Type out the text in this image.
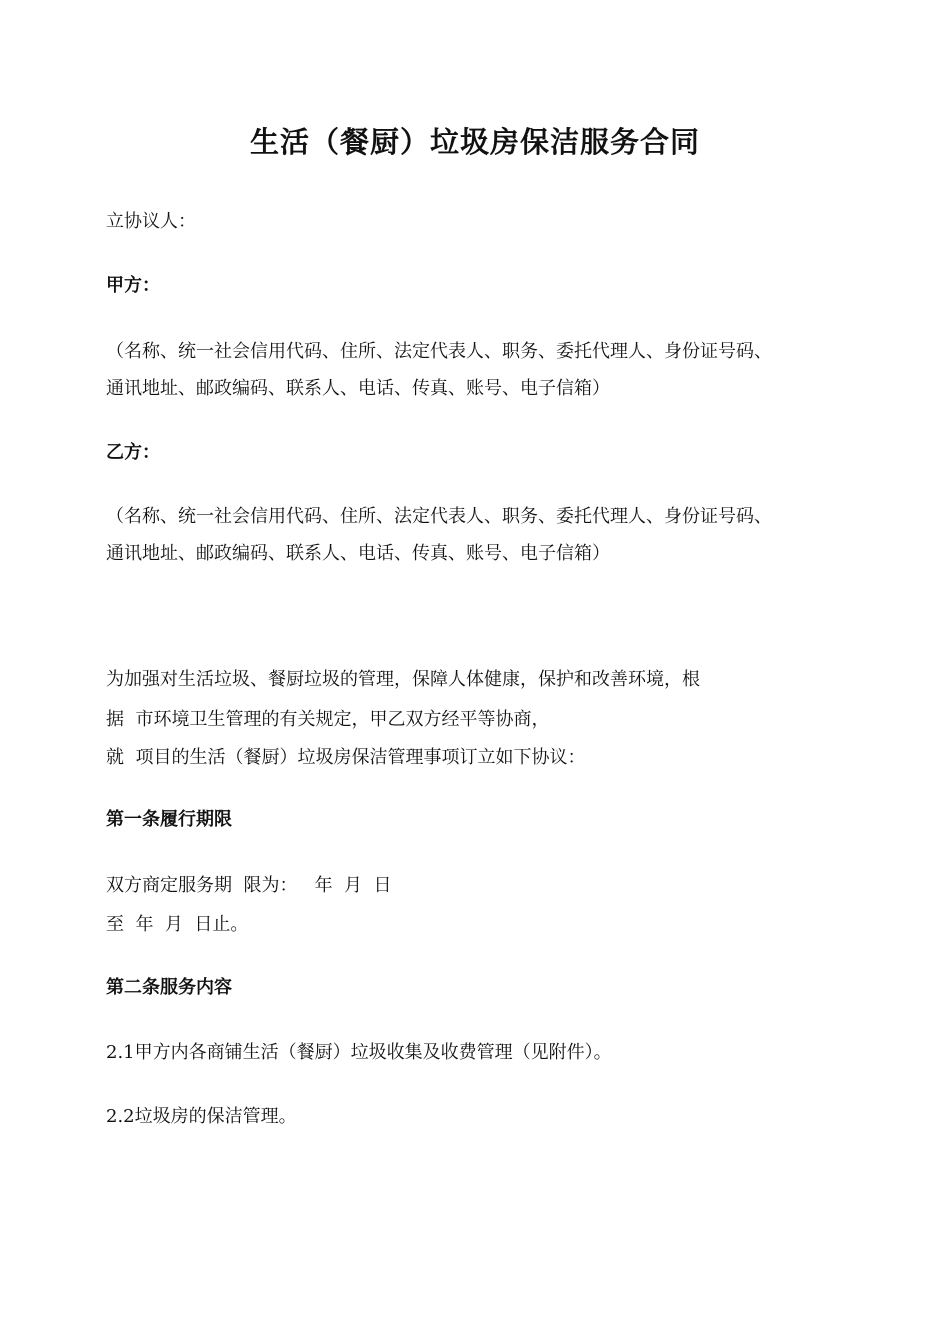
生活（餐厨）垃圾房保洁服务合同
立协议人：
甲方：
（名称、统一社会信用代码、住所、法定代表人、职务、委托代理人、身份证号码、
通讯地址、邮政编码、联系人、电话、传真、账号、电子信箱）
乙方：
（名称、统一社会信用代码、住所、法定代表人、职务、委托代理人、身份证号码、
通讯地址、邮政编码、联系人、电话、传真、账号、电子信箱）
为加强对生活垃圾、餐厨垃圾的管理，保障人体健康，保护和改善环境，根
据  市环境卫生管理的有关规定，甲乙双方经平等协商，
就  项目的生活（餐厨）垃圾房保洁管理事项订立如下协议：
第一条履行期限
双方商定服务期  限为：   年  月  日
至  年  月  日止。
第二条服务内容
2.1甲方内各商铺生活（餐厨）垃圾收集及收费管理（见附件）。
2.2垃圾房的保洁管理。
